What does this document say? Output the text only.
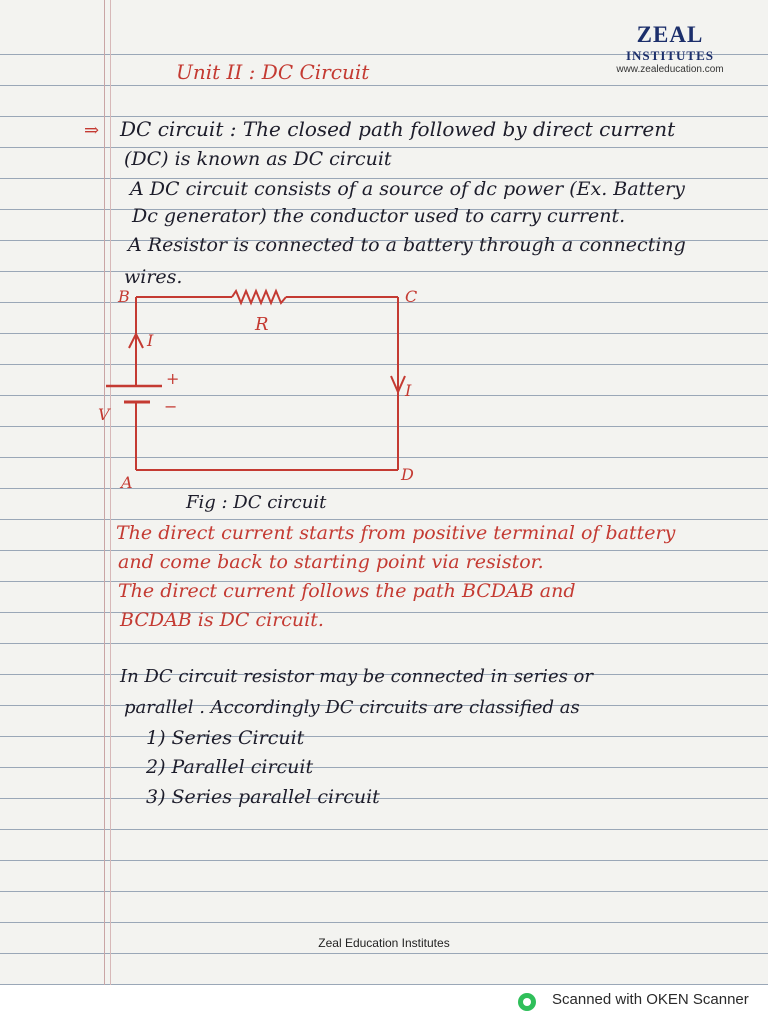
ZEAL
INSTITUTES
www.zealeducation.com
Unit II : DC Circuit
⇒ DC circuit : The closed path followed by direct current
(DC) is known as DC circuit
A DC circuit consists of a source of dc power (Ex. Battery
Dc generator) the conductor used to carry current.
A Resistor is connected to a battery through a connecting
wires.
B	C
A	D
R
I
I
V
+
−
Fig : DC circuit
The direct current starts from positive terminal of battery
and come back to starting point via resistor.
The direct current follows the path BCDAB and
BCDAB is DC circuit.
In DC circuit resistor may be connected in series or
parallel . Accordingly DC circuits are classified as
1) Series Circuit
2) Parallel circuit
3) Series parallel circuit
Zeal Education Institutes
Scanned with OKEN Scanner
